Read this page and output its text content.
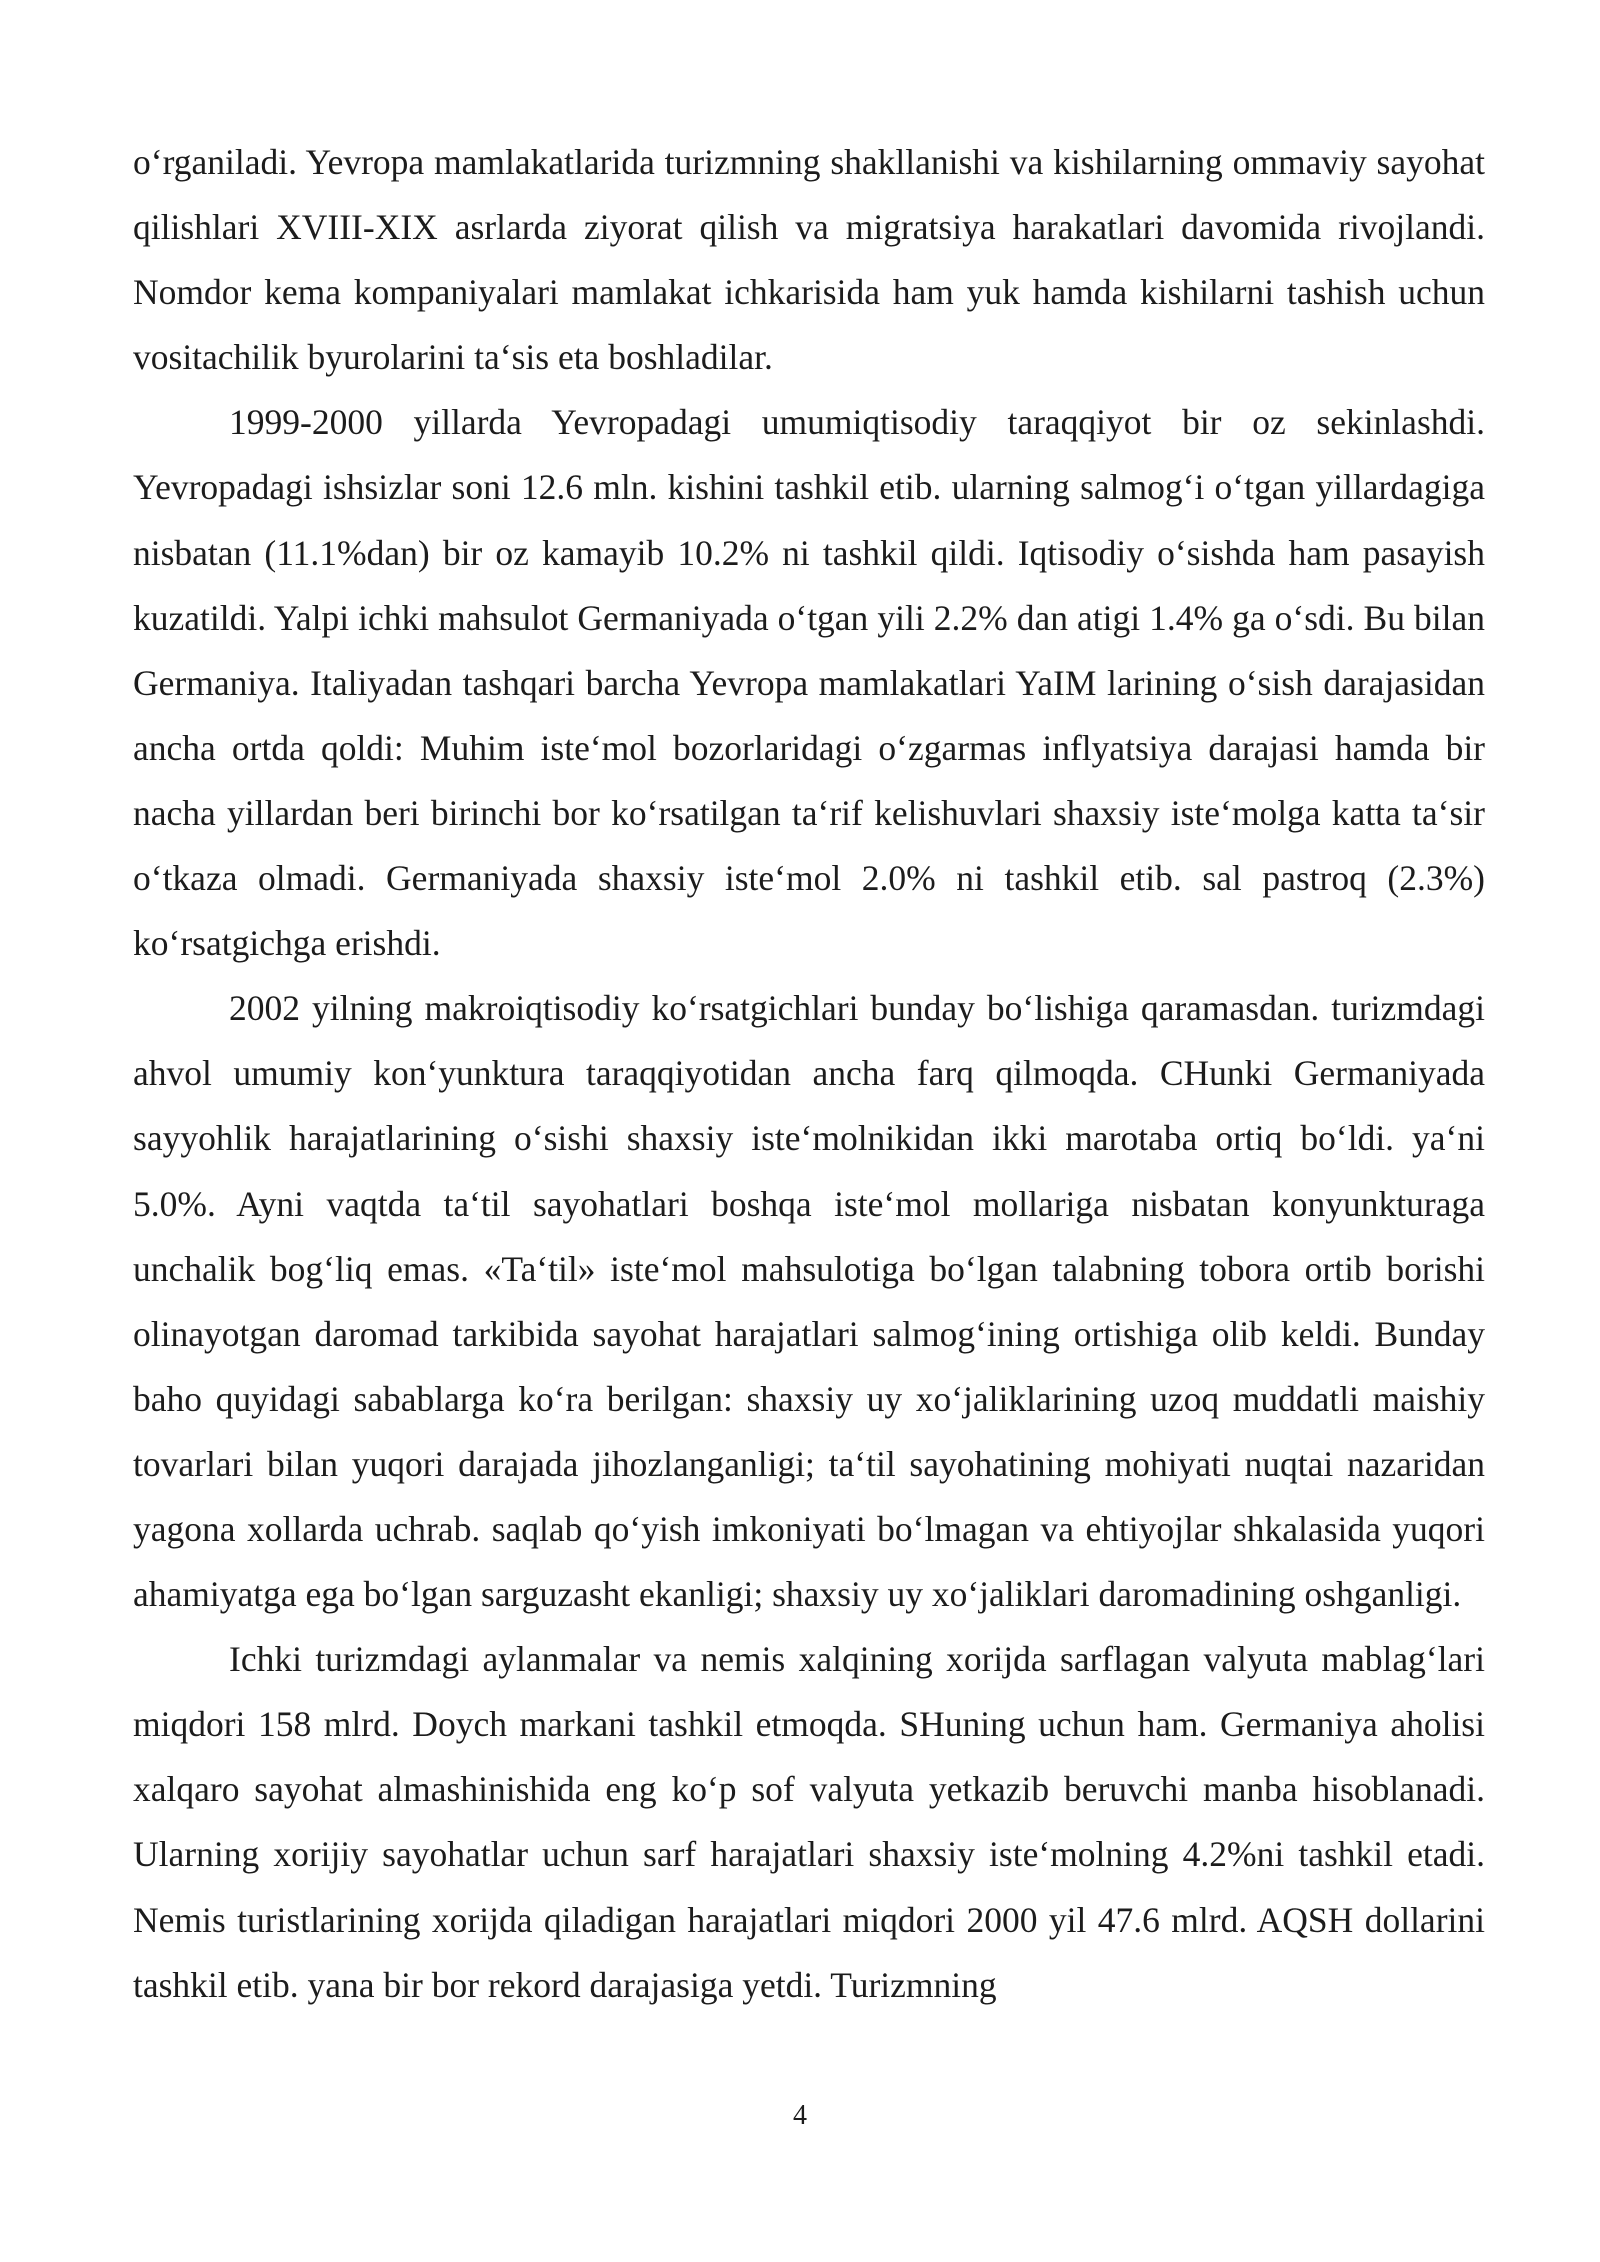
o‘rganiladi. Yevropa mamlakatlarida turizmning shakllanishi va kishilarning ommaviy sayohat qilishlari XVIII-XIX asrlarda ziyorat qilish va migratsiya harakatlari davomida rivojlandi. Nomdor kema kompaniyalari mamlakat ichkarisida ham yuk hamda kishilarni tashish uchun vositachilik byurolarini ta‘sis eta boshladilar.

1999-2000 yillarda Yevropadagi umumiqtisodiy taraqqiyot bir oz sekinlashdi. Yevropadagi ishsizlar soni 12.6 mln. kishini tashkil etib. ularning salmog‘i o‘tgan yillardagiga nisbatan (11.1%dan) bir oz kamayib 10.2% ni tashkil qildi. Iqtisodiy o‘sishda ham pasayish kuzatildi. Yalpi ichki mahsulot Germaniyada o‘tgan yili 2.2% dan atigi 1.4% ga o‘sdi. Bu bilan Germaniya. Italiyadan tashqari barcha Yevropa mamlakatlari YaIM larining o‘sish darajasidan ancha ortda qoldi: Muhim iste‘mol bozorlaridagi o‘zgarmas inflyatsiya darajasi hamda bir nacha yillardan beri birinchi bor ko‘rsatilgan ta‘rif kelishuvlari shaxsiy iste‘molga katta ta‘sir o‘tkaza olmadi. Germaniyada shaxsiy iste‘mol 2.0% ni tashkil etib. sal pastroq (2.3%) ko‘rsatgichga erishdi.

2002 yilning makroiqtisodiy ko‘rsatgichlari bunday bo‘lishiga qaramasdan. turizmdagi ahvol umumiy kon‘yunktura taraqqiyotidan ancha farq qilmoqda. CHunki Germaniyada sayyohlik harajatlarining o‘sishi shaxsiy iste‘molnikidan ikki marotaba ortiq bo‘ldi. ya‘ni 5.0%. Ayni vaqtda ta‘til sayohatlari boshqa iste‘mol mollariga nisbatan konyunkturaga unchalik bog‘liq emas. «Ta‘til» iste‘mol mahsulotiga bo‘lgan talabning tobora ortib borishi olinayotgan daromad tarkibida sayohat harajatlari salmog‘ining ortishiga olib keldi. Bunday baho quyidagi sabablarga ko‘ra berilgan: shaxsiy uy xo‘jaliklarining uzoq muddatli maishiy tovarlari bilan yuqori darajada jihozlanganligi; ta‘til sayohatining mohiyati nuqtai nazaridan yagona xollarda uchrab. saqlab qo‘yish imkoniyati bo‘lmagan va ehtiyojlar shkalasida yuqori ahamiyatga ega bo‘lgan sarguzasht ekanligi; shaxsiy uy xo‘jaliklari daromadining oshganligi.

Ichki turizmdagi aylanmalar va nemis xalqining xorijda sarflagan valyuta mablag‘lari miqdori 158 mlrd. Doych markani tashkil etmoqda. SHuning uchun ham. Germaniya aholisi xalqaro sayohat almashinishida eng ko‘p sof valyuta yetkazib beruvchi manba hisoblanadi. Ularning xorijiy sayohatlar uchun sarf harajatlari shaxsiy iste‘molning 4.2%ni tashkil etadi. Nemis turistlarining xorijda qiladigan harajatlari miqdori 2000 yil 47.6 mlrd. AQSH dollarini tashkil etib. yana bir bor rekord darajasiga yetdi. Turizmning

4
